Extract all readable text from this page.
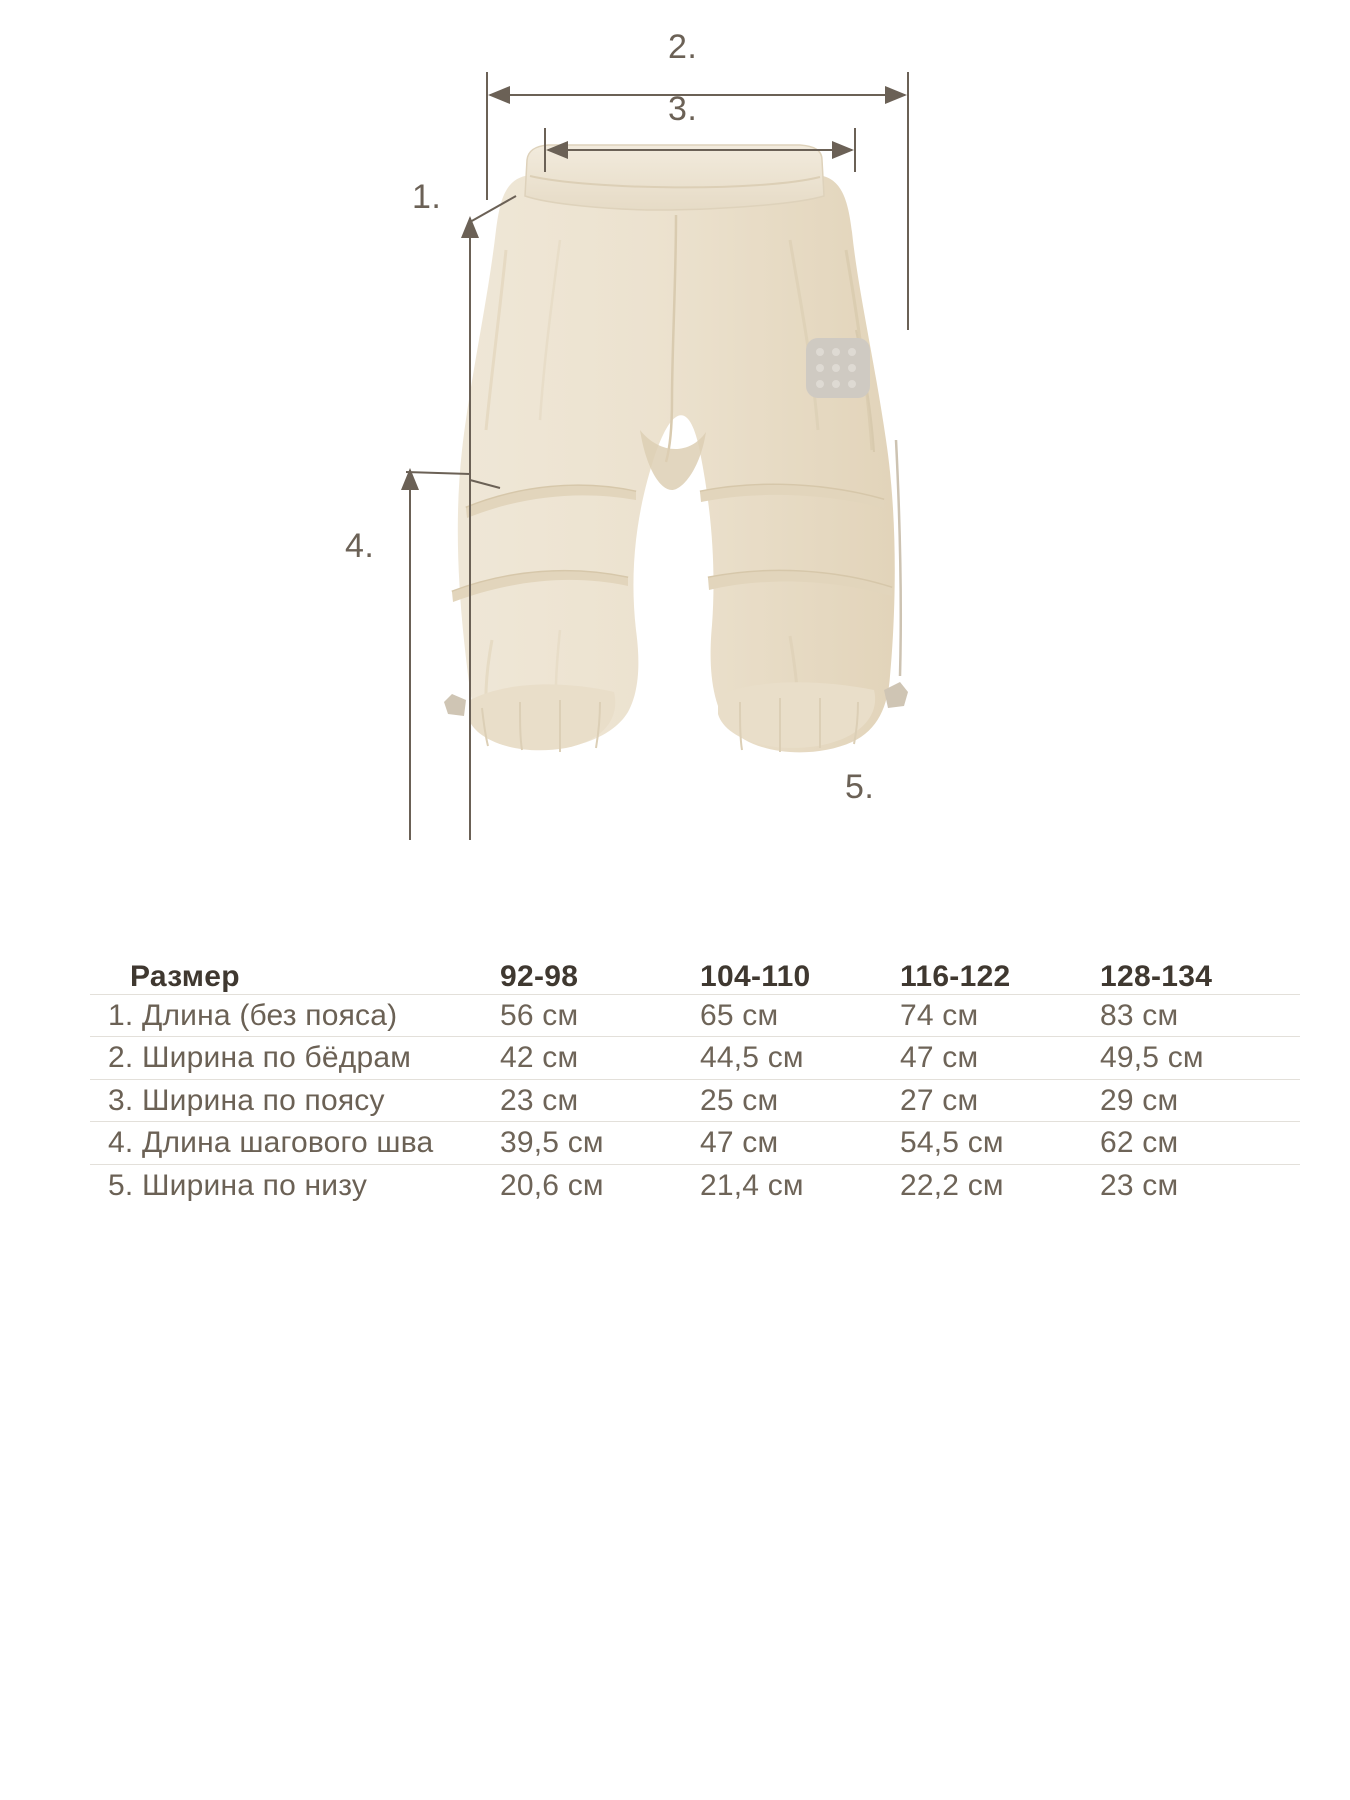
1.
2.
3.
4.
5.
Размер	92-98	104-110	116-122	128-134
1. Длина (без пояса)	56 см	65 см	74 см	83 см
2. Ширина по бёдрам	42 см	44,5 см	47 см	49,5 см
3. Ширина по поясу	23 см	25 см	27 см	29 см
4. Длина шагового шва	39,5 см	47 см	54,5 см	62 см
5. Ширина по низу	20,6 см	21,4 см	22,2 см	23 см
